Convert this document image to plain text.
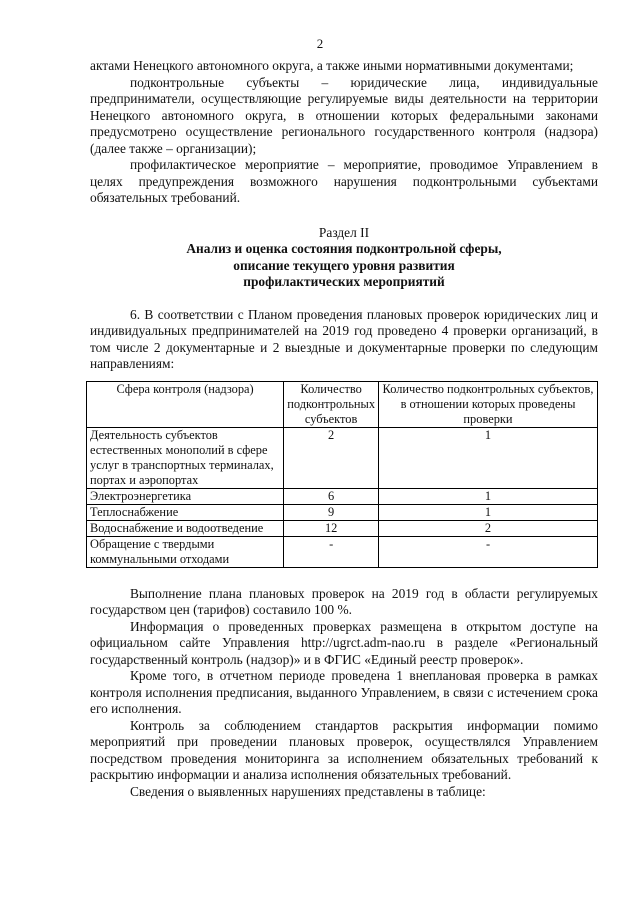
2

актами Ненецкого автономного округа, а также иными нормативными документами;

подконтрольные субъекты – юридические лица, индивидуальные предприниматели, осуществляющие регулируемые виды деятельности на территории Ненецкого автономного округа, в отношении которых федеральными законами предусмотрено осуществление регионального государственного контроля (надзора) (далее также – организации);

профилактическое мероприятие – мероприятие, проводимое Управлением в целях предупреждения возможного нарушения подконтрольными субъектами обязательных требований.

Раздел II

Анализ и оценка состояния подконтрольной сферы,

описание текущего уровня развития

профилактических мероприятий

6. В соответствии с Планом проведения плановых проверок юридических лиц и индивидуальных предпринимателей на 2019 год проведено 4 проверки организаций, в том числе 2 документарные и 2 выездные и документарные проверки по следующим направлениям:

Сфера контроля (надзора)	Количество подконтрольных субъектов	Количество подконтрольных субъектов, в отношении которых проведены проверки
Деятельность субъектов естественных монополий в сфере услуг в транспортных терминалах, портах и аэропортах	2	1
Электроэнергетика	6	1
Теплоснабжение	9	1
Водоснабжение и водоотведение	12	2
Обращение с твердыми коммунальными отходами	-	-

Выполнение плана плановых проверок на 2019 год в области регулируемых государством цен (тарифов) составило 100 %.

Информация о проведенных проверках размещена в открытом доступе на официальном сайте Управления http://ugrct.adm-nao.ru в разделе «Региональный государственный контроль (надзор)» и в ФГИС «Единый реестр проверок».

Кроме того, в отчетном периоде проведена 1 внеплановая проверка в рамках контроля исполнения предписания, выданного Управлением, в связи с истечением срока его исполнения.

Контроль за соблюдением стандартов раскрытия информации помимо мероприятий при проведении плановых проверок, осуществлялся Управлением посредством проведения мониторинга за исполнением обязательных требований к раскрытию информации и анализа исполнения обязательных требований.

Сведения о выявленных нарушениях представлены в таблице:
